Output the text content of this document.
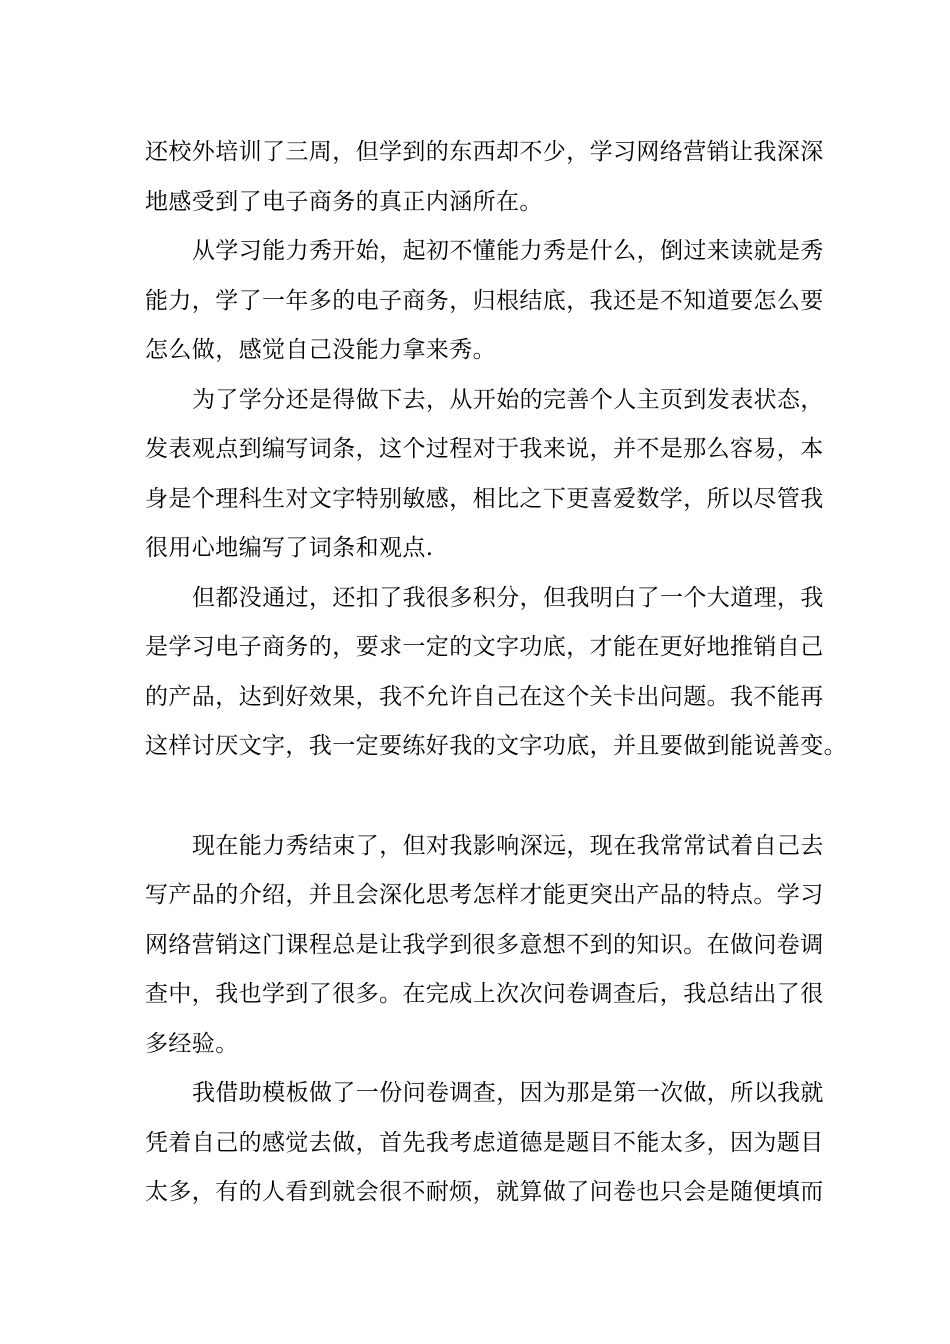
还校外培训了三周，但学到的东西却不少，学习网络营销让我深深
地感受到了电子商务的真正内涵所在。
从学习能力秀开始，起初不懂能力秀是什么，倒过来读就是秀
能力，学了一年多的电子商务，归根结底，我还是不知道要怎么要
怎么做，感觉自己没能力拿来秀。
为了学分还是得做下去，从开始的完善个人主页到发表状态，
发表观点到编写词条，这个过程对于我来说，并不是那么容易，本
身是个理科生对文字特别敏感，相比之下更喜爱数学，所以尽管我
很用心地编写了词条和观点.
但都没通过，还扣了我很多积分，但我明白了一个大道理，我
是学习电子商务的，要求一定的文字功底，才能在更好地推销自己
的产品，达到好效果，我不允许自己在这个关卡出问题。我不能再
这样讨厌文字，我一定要练好我的文字功底，并且要做到能说善变。
现在能力秀结束了，但对我影响深远，现在我常常试着自己去
写产品的介绍，并且会深化思考怎样才能更突出产品的特点。学习
网络营销这门课程总是让我学到很多意想不到的知识。在做问卷调
查中，我也学到了很多。在完成上次次问卷调查后，我总结出了很
多经验。
我借助模板做了一份问卷调查，因为那是第一次做，所以我就
凭着自己的感觉去做，首先我考虑道德是题目不能太多，因为题目
太多，有的人看到就会很不耐烦，就算做了问卷也只会是随便填而
